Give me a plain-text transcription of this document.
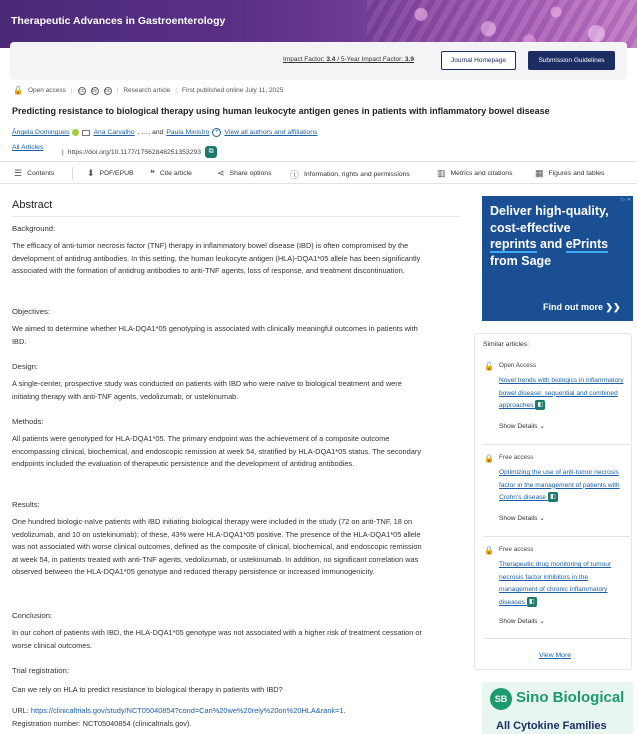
Therapeutic Advances in Gastroenterology
Impact Factor: 3.4 / 5-Year Impact Factor: 3.9	Journal Homepage	Submission Guidelines
🔓 Open access |	cc	by nc | Research article | First published online July 11, 2025
Predicting resistance to biological therapy using human leukocyte antigen genes in patients with inflammatory bowel disease
Ângela Domingues	Ana Carvalho , …, and Paula Ministro + View all authors and affiliations
All Articles
| https://doi.org/10.1177/17562848251353293	⧉
☰ Contents	⬇ PDF/EPUB ❝ Cite article	⋖ Share options ⓘ Information, rights and permissions	▥ Metrics and citations	▦ Figures and tables
Abstract
Background:
The efficacy of anti-tumor necrosis factor (TNF) therapy in inflammatory bowel disease (IBD) is often compromised by the development of antidrug antibodies. In this setting, the human leukocyte antigen (HLA)-DQA1*05 allele has been significantly associated with the formation of antidrug antibodies to anti-TNF agents, loss of response, and treatment discontinuation.
Objectives:
We aimed to determine whether HLA-DQA1*05 genotyping is associated with clinically meaningful outcomes in patients with IBD.
Design:
A single-center, prospective study was conducted on patients with IBD who were naïve to biological treatment and were initiating therapy with anti-TNF agents, vedolizumab, or ustekinumab.
Methods:
All patients were genotyped for HLA-DQA1*05. The primary endpoint was the achievement of a composite outcome encompassing clinical, biochemical, and endoscopic remission at week 54, stratified by HLA-DQA1*05 status. The secondary endpoints included the evaluation of therapeutic persistence and the development of antidrug antibodies.
Results:
One hundred biologic-naïve patients with IBD initiating biological therapy were included in the study (72 on anti-TNF, 18 on vedolizumab, and 10 on ustekinumab); of these, 43% were HLA-DQA1*05 positive. The presence of the HLA-DQA1*05 allele was not associated with worse clinical outcomes, defined as the composite of clinical, biochemical, and endoscopic remission at week 54, in patients treated with anti-TNF agents, vedolizumab, or ustekinumab. In addition, no significant correlation was observed between the HLA-DQA1*05 genotype and reduced therapy persistence or increased immunogenicity.
Conclusion:
In our cohort of patients with IBD, the HLA-DQA1*05 genotype was not associated with a higher risk of treatment cessation or worse clinical outcomes.
Trial registration:
Can we rely on HLA to predict resistance to biological therapy in patients with IBD?
URL: https://clinicaltrials.gov/study/NCT05040854?cond=Can%20we%20rely%20on%20HLA&rank=1.
Registration number: NCT05040854 (clinicaltrials.gov).
▷ ✕
Deliver high-quality,
cost-effective
reprints and ePrints
from Sage
Find out more ❯❯
Similar articles:
🔓 Open Access
Novel trends with biologics in inflammatory bowel disease: sequential and combined approaches ◧
Show Details ⌄
🔒 Free access
Optimizing the use of anti-tumor necrosis factor in the management of patients with Crohn's disease ◧
Show Details ⌄
🔒 Free access
Therapeutic drug monitoring of tumour necrosis factor inhibitors in the management of chronic inflammatory diseases ◧
Show Details ⌄
View More
SB Sino Biological
All Cytokine Families
